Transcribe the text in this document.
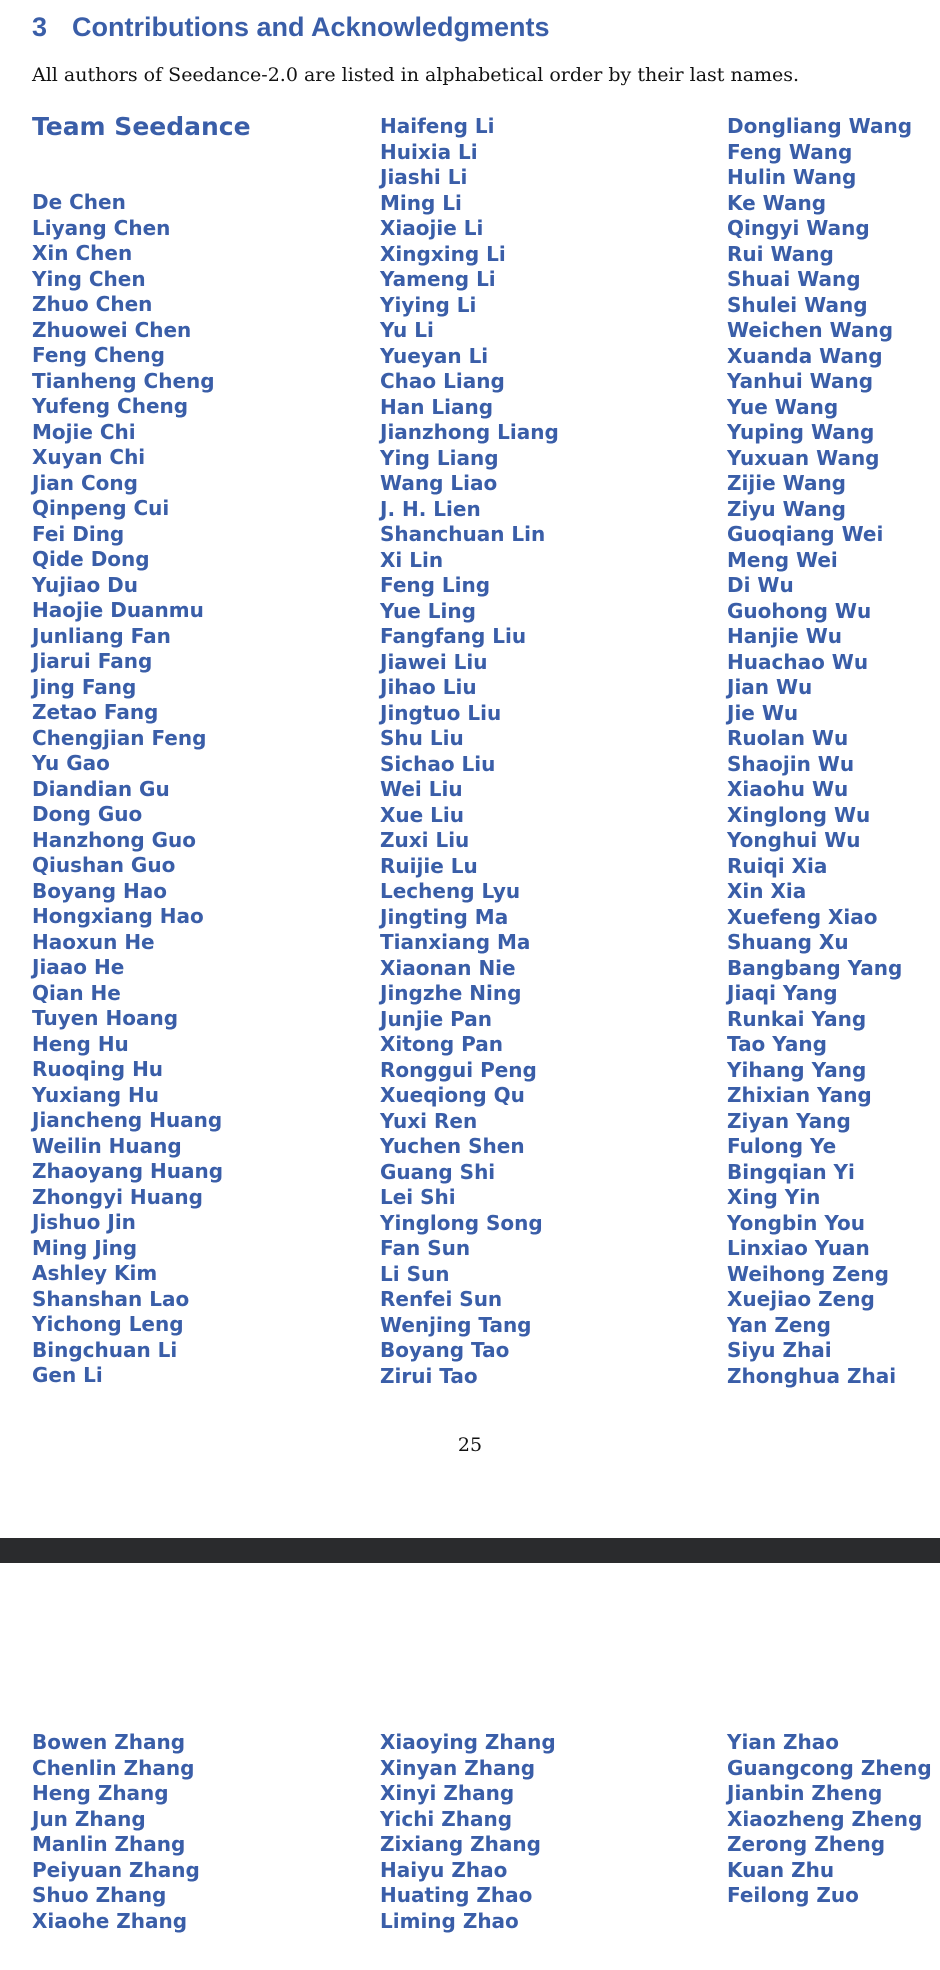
3 Contributions and Acknowledgments

All authors of Seedance-2.0 are listed in alphabetical order by their last names.

Team Seedance
De Chen
Liyang Chen
Xin Chen
Ying Chen
Zhuo Chen
Zhuowei Chen
Feng Cheng
Tianheng Cheng
Yufeng Cheng
Mojie Chi
Xuyan Chi
Jian Cong
Qinpeng Cui
Fei Ding
Qide Dong
Yujiao Du
Haojie Duanmu
Junliang Fan
Jiarui Fang
Jing Fang
Zetao Fang
Chengjian Feng
Yu Gao
Diandian Gu
Dong Guo
Hanzhong Guo
Qiushan Guo
Boyang Hao
Hongxiang Hao
Haoxun He
Jiaao He
Qian He
Tuyen Hoang
Heng Hu
Ruoqing Hu
Yuxiang Hu
Jiancheng Huang
Weilin Huang
Zhaoyang Huang
Zhongyi Huang
Jishuo Jin
Ming Jing
Ashley Kim
Shanshan Lao
Yichong Leng
Bingchuan Li
Gen Li
Haifeng Li
Huixia Li
Jiashi Li
Ming Li
Xiaojie Li
Xingxing Li
Yameng Li
Yiying Li
Yu Li
Yueyan Li
Chao Liang
Han Liang
Jianzhong Liang
Ying Liang
Wang Liao
J. H. Lien
Shanchuan Lin
Xi Lin
Feng Ling
Yue Ling
Fangfang Liu
Jiawei Liu
Jihao Liu
Jingtuo Liu
Shu Liu
Sichao Liu
Wei Liu
Xue Liu
Zuxi Liu
Ruijie Lu
Lecheng Lyu
Jingting Ma
Tianxiang Ma
Xiaonan Nie
Jingzhe Ning
Junjie Pan
Xitong Pan
Ronggui Peng
Xueqiong Qu
Yuxi Ren
Yuchen Shen
Guang Shi
Lei Shi
Yinglong Song
Fan Sun
Li Sun
Renfei Sun
Wenjing Tang
Boyang Tao
Zirui Tao
Dongliang Wang
Feng Wang
Hulin Wang
Ke Wang
Qingyi Wang
Rui Wang
Shuai Wang
Shulei Wang
Weichen Wang
Xuanda Wang
Yanhui Wang
Yue Wang
Yuping Wang
Yuxuan Wang
Zijie Wang
Ziyu Wang
Guoqiang Wei
Meng Wei
Di Wu
Guohong Wu
Hanjie Wu
Huachao Wu
Jian Wu
Jie Wu
Ruolan Wu
Shaojin Wu
Xiaohu Wu
Xinglong Wu
Yonghui Wu
Ruiqi Xia
Xin Xia
Xuefeng Xiao
Shuang Xu
Bangbang Yang
Jiaqi Yang
Runkai Yang
Tao Yang
Yihang Yang
Zhixian Yang
Ziyan Yang
Fulong Ye
Bingqian Yi
Xing Yin
Yongbin You
Linxiao Yuan
Weihong Zeng
Xuejiao Zeng
Yan Zeng
Siyu Zhai
Zhonghua Zhai
25
Bowen Zhang
Chenlin Zhang
Heng Zhang
Jun Zhang
Manlin Zhang
Peiyuan Zhang
Shuo Zhang
Xiaohe Zhang
Xiaoying Zhang
Xinyan Zhang
Xinyi Zhang
Yichi Zhang
Zixiang Zhang
Haiyu Zhao
Huating Zhao
Liming Zhao
Yian Zhao
Guangcong Zheng
Jianbin Zheng
Xiaozheng Zheng
Zerong Zheng
Kuan Zhu
Feilong Zuo
